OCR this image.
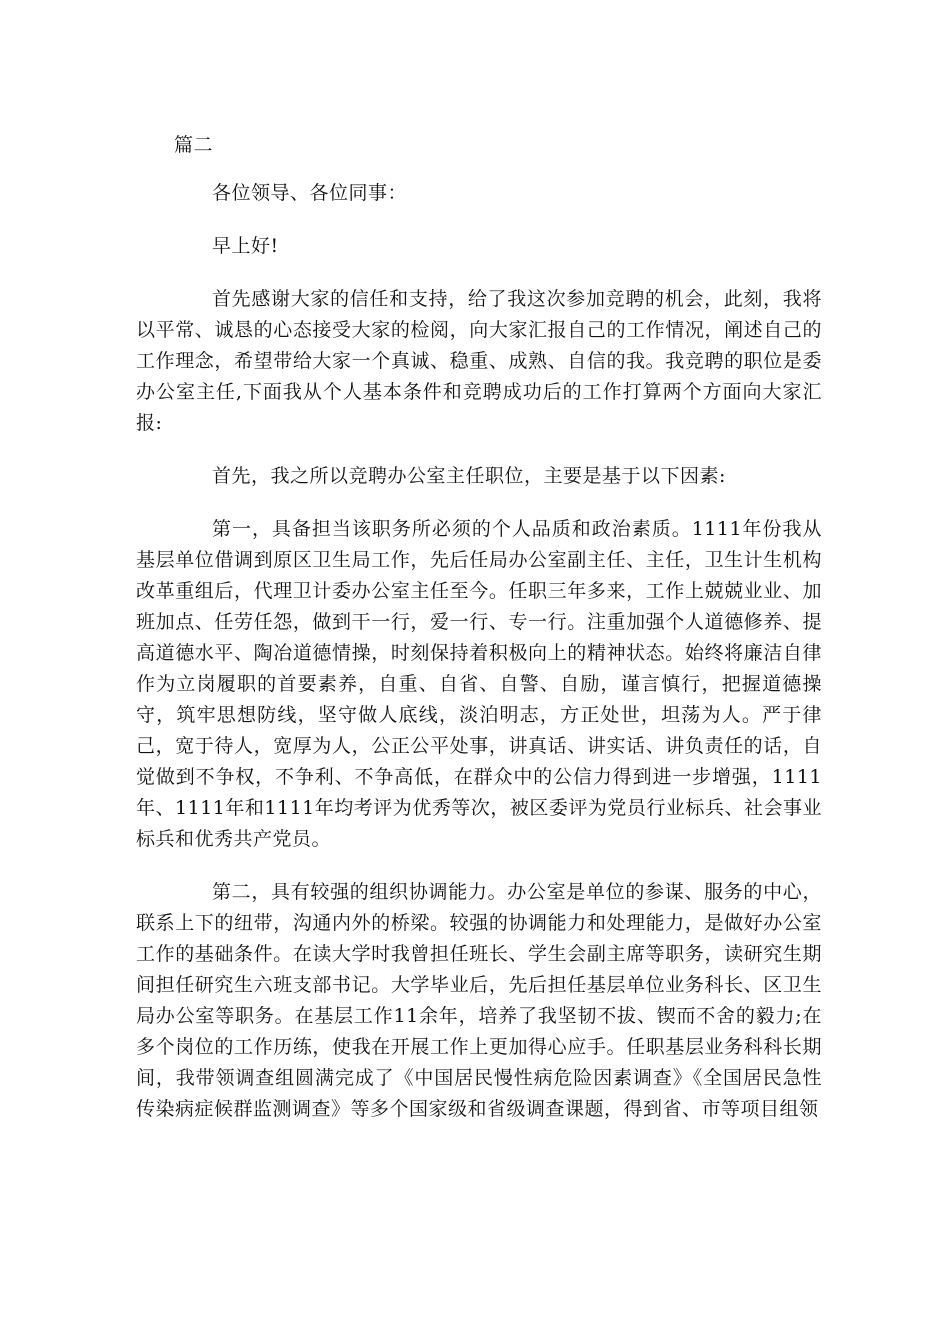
篇二

各位领导、各位同事：

早上好!

首先感谢大家的信任和支持，给了我这次参加竞聘的机会，此刻，我将以平常、诚恳的心态接受大家的检阅，向大家汇报自己的工作情况，阐述自己的工作理念，希望带给大家一个真诚、稳重、成熟、自信的我。我竞聘的职位是委办公室主任,下面我从个人基本条件和竞聘成功后的工作打算两个方面向大家汇报:

首先，我之所以竞聘办公室主任职位，主要是基于以下因素:

第一，具备担当该职务所必须的个人品质和政治素质。1111年份我从基层单位借调到原区卫生局工作，先后任局办公室副主任、主任，卫生计生机构改革重组后，代理卫计委办公室主任至今。任职三年多来，工作上兢兢业业、加班加点、任劳任怨，做到干一行，爱一行、专一行。注重加强个人道德修养、提高道德水平、陶冶道德情操，时刻保持着积极向上的精神状态。始终将廉洁自律作为立岗履职的首要素养，自重、自省、自警、自励，谨言慎行，把握道德操守，筑牢思想防线，坚守做人底线，淡泊明志，方正处世，坦荡为人。严于律己，宽于待人，宽厚为人，公正公平处事，讲真话、讲实话、讲负责任的话，自觉做到不争权，不争利、不争高低，在群众中的公信力得到进一步增强，1111年、1111年和1111年均考评为优秀等次，被区委评为党员行业标兵、社会事业标兵和优秀共产党员。

第二，具有较强的组织协调能力。办公室是单位的参谋、服务的中心，联系上下的纽带，沟通内外的桥梁。较强的协调能力和处理能力，是做好办公室工作的基础条件。在读大学时我曾担任班长、学生会副主席等职务，读研究生期间担任研究生六班支部书记。大学毕业后，先后担任基层单位业务科长、区卫生局办公室等职务。在基层工作11余年，培养了我坚韧不拔、锲而不舍的毅力;在多个岗位的工作历练，使我在开展工作上更加得心应手。任职基层业务科科长期间，我带领调查组圆满完成了《中国居民慢性病危险因素调查》《全国居民急性传染病症候群监测调查》等多个国家级和省级调查课题，得到省、市等项目组领
